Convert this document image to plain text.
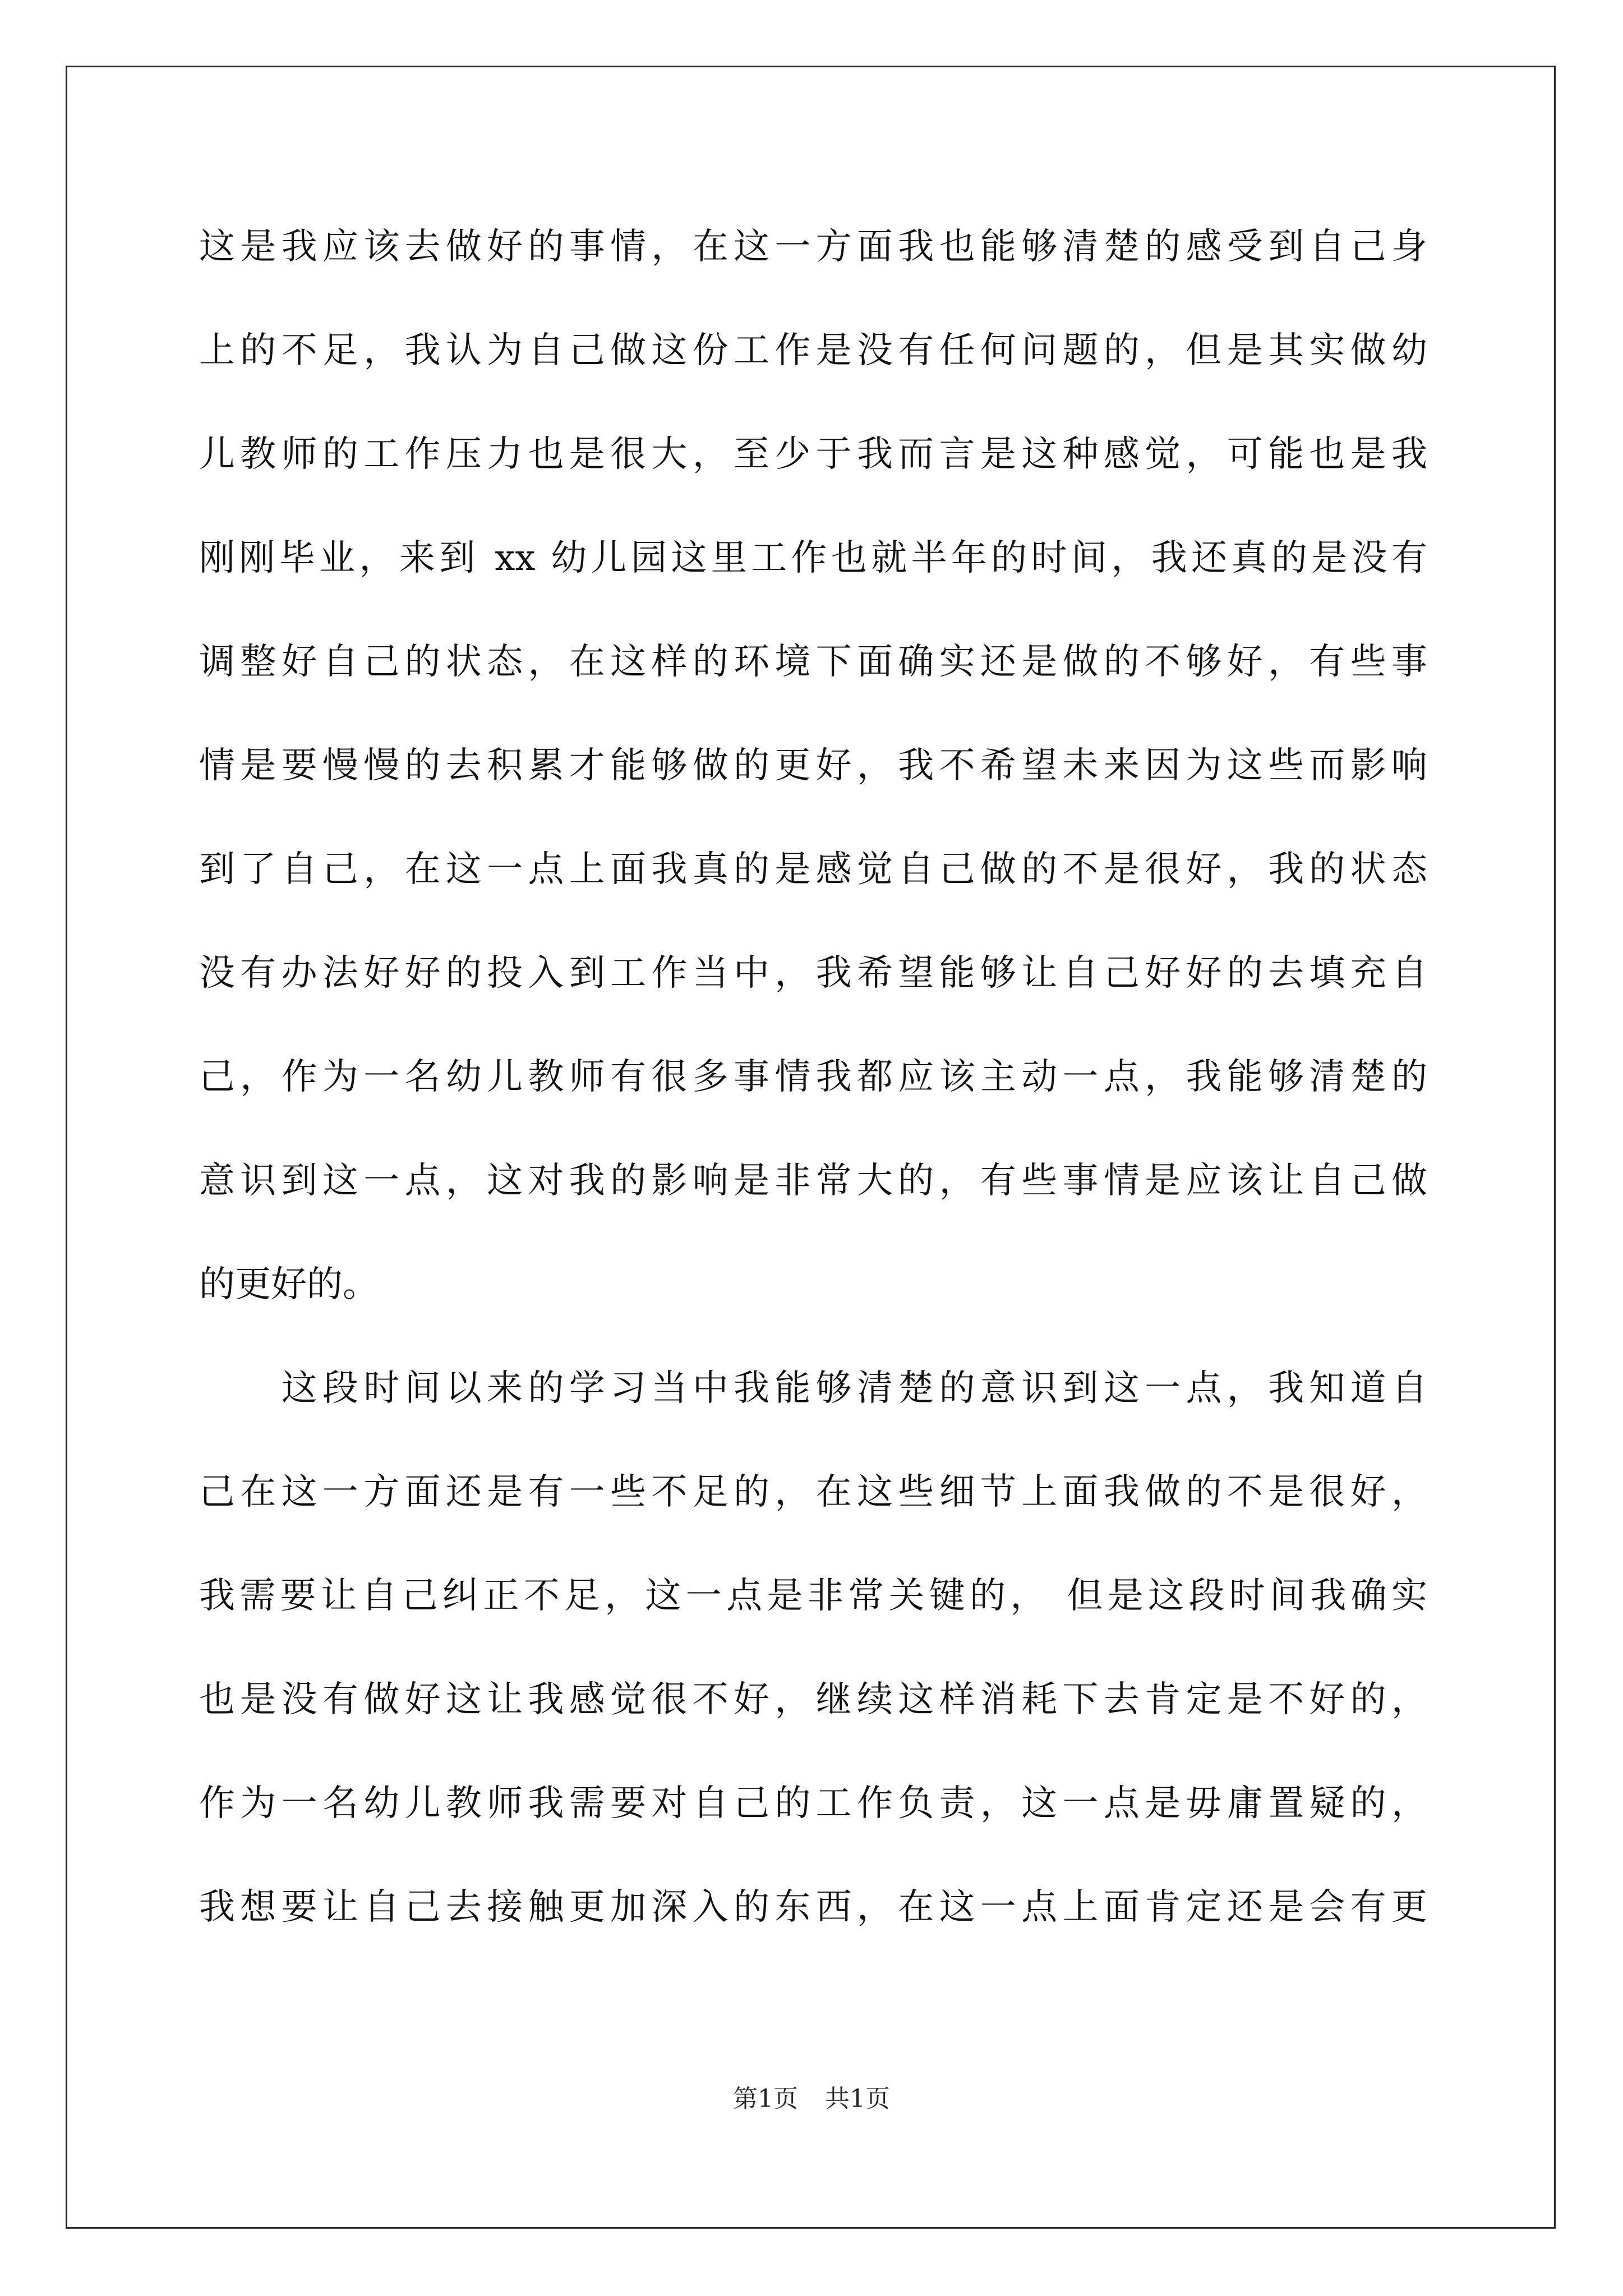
这是我应该去做好的事情，在这一方面我也能够清楚的感受到自己身
上的不足，我认为自己做这份工作是没有任何问题的，但是其实做幼
儿教师的工作压力也是很大，至少于我而言是这种感觉，可能也是我
刚刚毕业，来到 xx 幼儿园这里工作也就半年的时间，我还真的是没有
调整好自己的状态，在这样的环境下面确实还是做的不够好，有些事
情是要慢慢的去积累才能够做的更好，我不希望未来因为这些而影响
到了自己，在这一点上面我真的是感觉自己做的不是很好，我的状态
没有办法好好的投入到工作当中，我希望能够让自己好好的去填充自
己，作为一名幼儿教师有很多事情我都应该主动一点，我能够清楚的
意识到这一点，这对我的影响是非常大的，有些事情是应该让自己做
的更好的。
　　这段时间以来的学习当中我能够清楚的意识到这一点，我知道自
己在这一方面还是有一些不足的，在这些细节上面我做的不是很好，
我需要让自己纠正不足，这一点是非常关键的， 但是这段时间我确实
也是没有做好这让我感觉很不好，继续这样消耗下去肯定是不好的，
作为一名幼儿教师我需要对自己的工作负责，这一点是毋庸置疑的，
我想要让自己去接触更加深入的东西，在这一点上面肯定还是会有更
第1页 共1页
